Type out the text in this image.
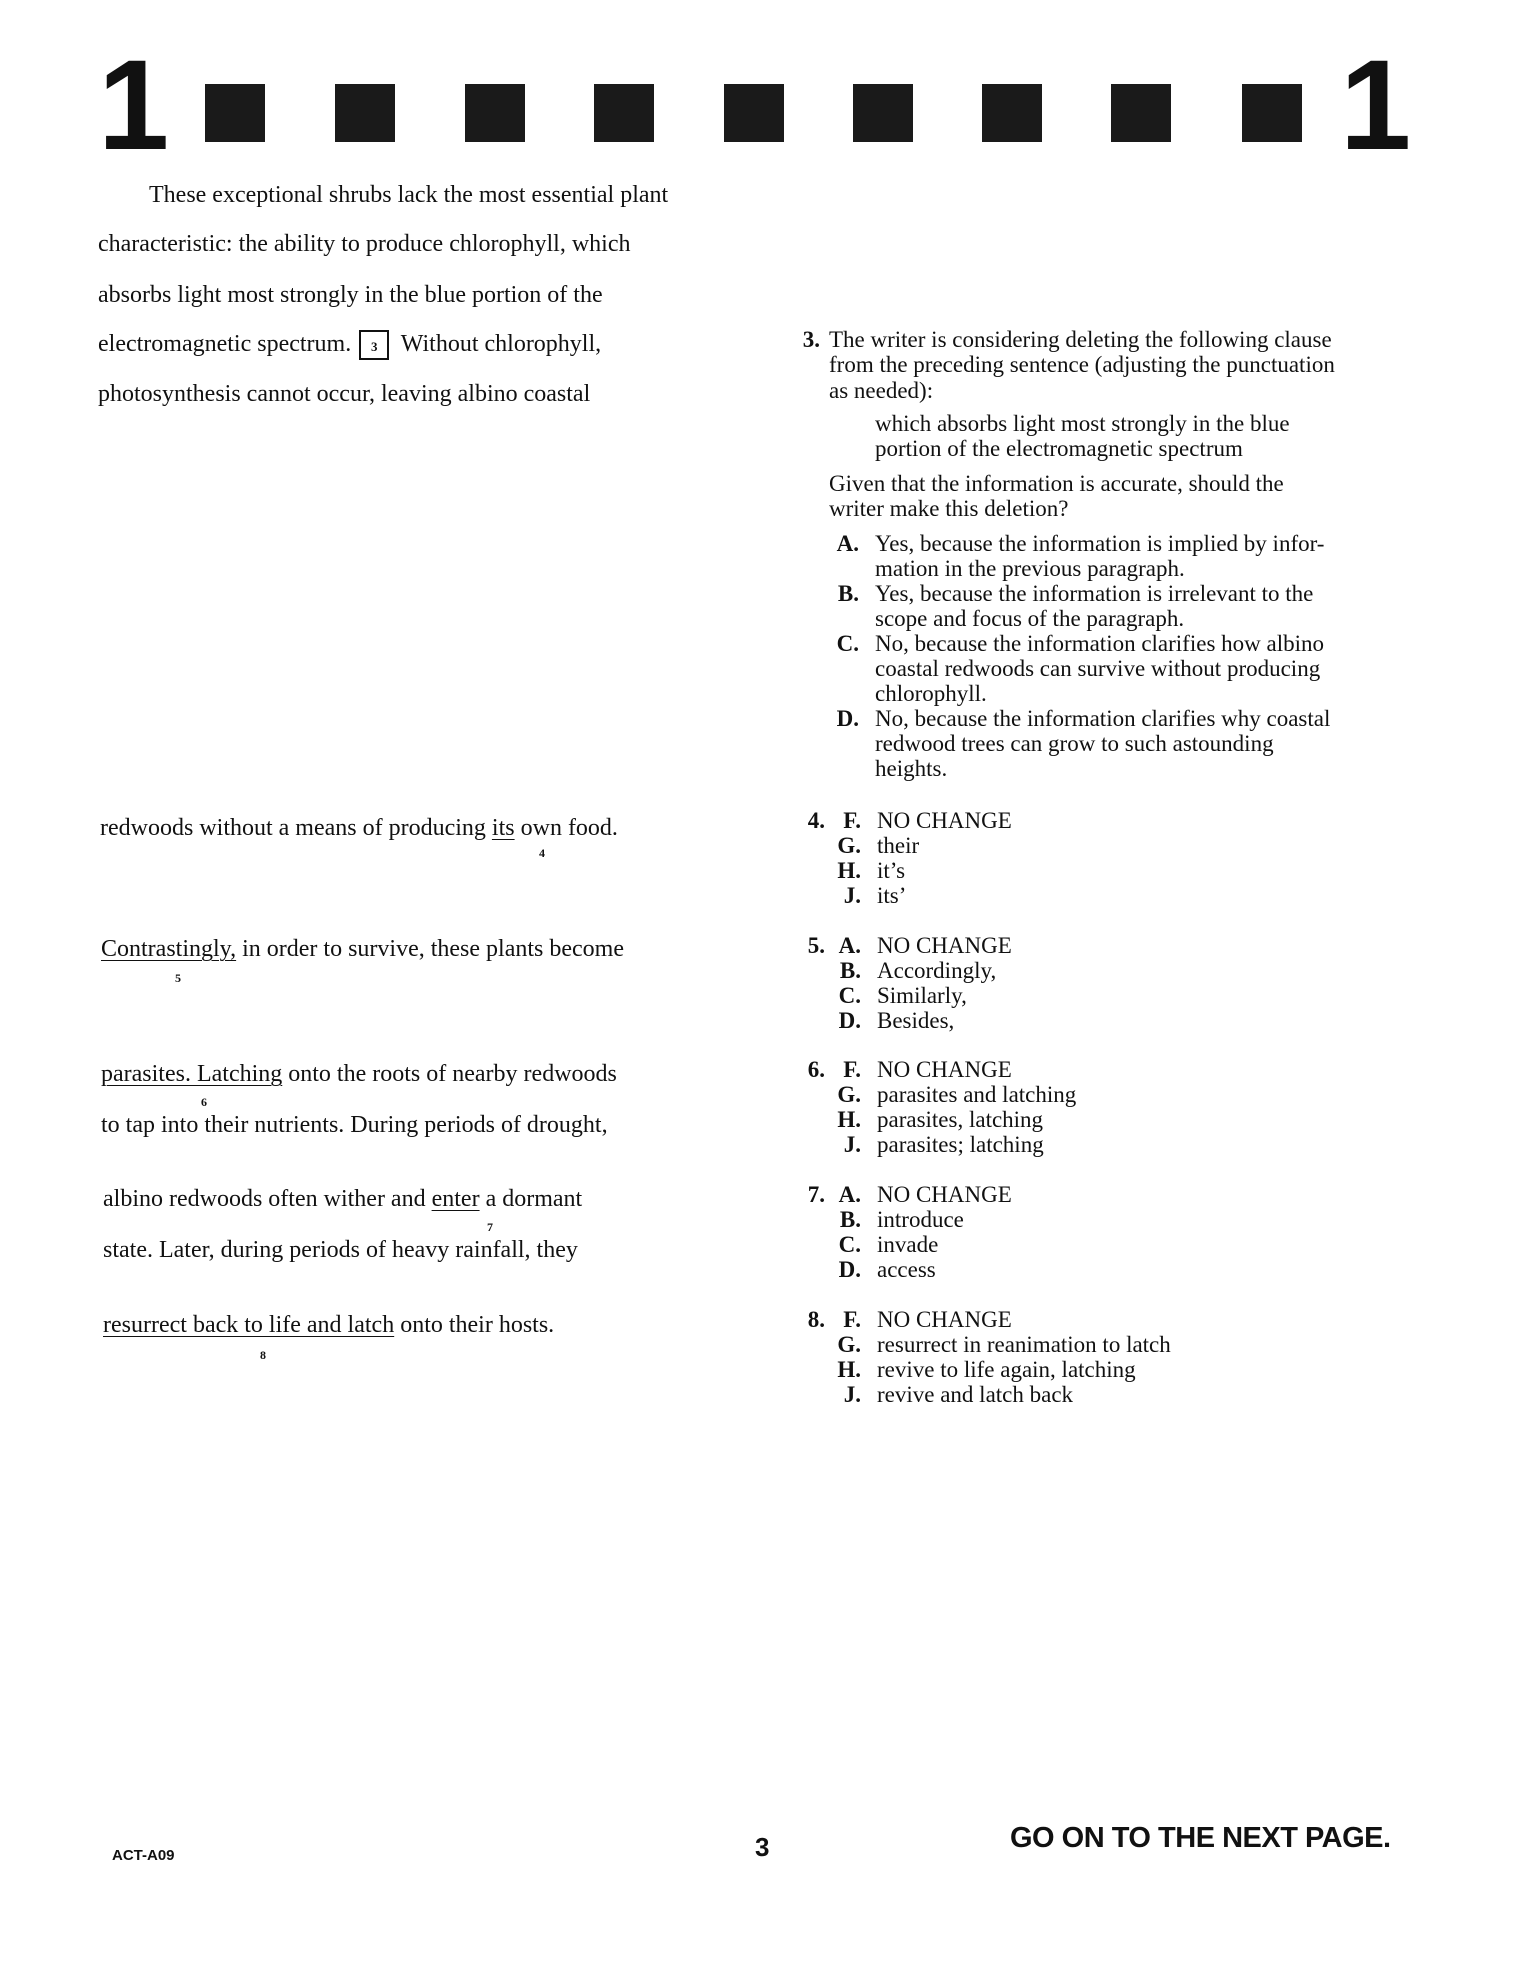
1	1
These exceptional shrubs lack the most essential plant
characteristic: the ability to produce chlorophyll, which
absorbs light most strongly in the blue portion of the
electromagnetic spectrum. 3 Without chlorophyll,
photosynthesis cannot occur, leaving albino coastal
redwoods without a means of producing its own food.
4
Contrastingly, in order to survive, these plants become
5
parasites. Latching onto the roots of nearby redwoods
6
to tap into their nutrients. During periods of drought,
albino redwoods often wither and enter a dormant
7
state. Later, during periods of heavy rainfall, they
resurrect back to life and latch onto their hosts.
8
3. The writer is considering deleting the following clause
from the preceding sentence (adjusting the punctuation
as needed):
which absorbs light most strongly in the blue
portion of the electromagnetic spectrum
Given that the information is accurate, should the
writer make this deletion?
A. Yes, because the information is implied by infor-
mation in the previous paragraph.
B. Yes, because the information is irrelevant to the
scope and focus of the paragraph.
C. No, because the information clarifies how albino
coastal redwoods can survive without producing
chlorophyll.
D. No, because the information clarifies why coastal
redwood trees can grow to such astounding
heights.
4. F. NO CHANGE
G. their
H. it’s
J. its’
5. A. NO CHANGE
B. Accordingly,
C. Similarly,
D. Besides,
6. F. NO CHANGE
G. parasites and latching
H. parasites, latching
J. parasites; latching
7. A. NO CHANGE
B. introduce
C. invade
D. access
8. F. NO CHANGE
G. resurrect in reanimation to latch
H. revive to life again, latching
J. revive and latch back
ACT-A09	3	GO ON TO THE NEXT PAGE.
